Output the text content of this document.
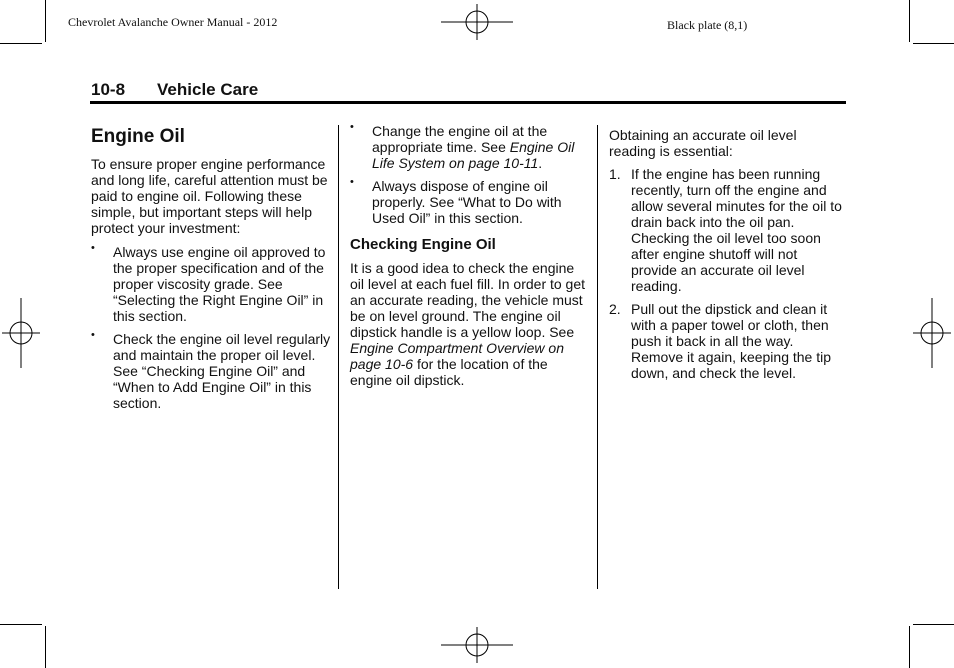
Chevrolet Avalanche Owner Manual - 2012	Black plate (8,1)
10-8 Vehicle Care
Engine Oil

To ensure proper engine performance and long life, careful attention must be paid to engine oil. Following these simple, but important steps will help protect your investment:

• Always use engine oil approved to the proper specification and of the proper viscosity grade. See “Selecting the Right Engine Oil” in this section.
• Check the engine oil level regularly and maintain the proper oil level. See “Checking Engine Oil” and “When to Add Engine Oil” in this section.
• Change the engine oil at the appropriate time. See Engine Oil Life System on page 10-11.
• Always dispose of engine oil properly. See “What to Do with Used Oil” in this section.
Checking Engine Oil

It is a good idea to check the engine oil level at each fuel fill. In order to get an accurate reading, the vehicle must be on level ground. The engine oil dipstick handle is a yellow loop. See Engine Compartment Overview on page 10-6 for the location of the engine oil dipstick.

Obtaining an accurate oil level reading is essential:

1. If the engine has been running recently, turn off the engine and allow several minutes for the oil to drain back into the oil pan. Checking the oil level too soon after engine shutoff will not provide an accurate oil level reading.
2. Pull out the dipstick and clean it with a paper towel or cloth, then push it back in all the way. Remove it again, keeping the tip down, and check the level.
